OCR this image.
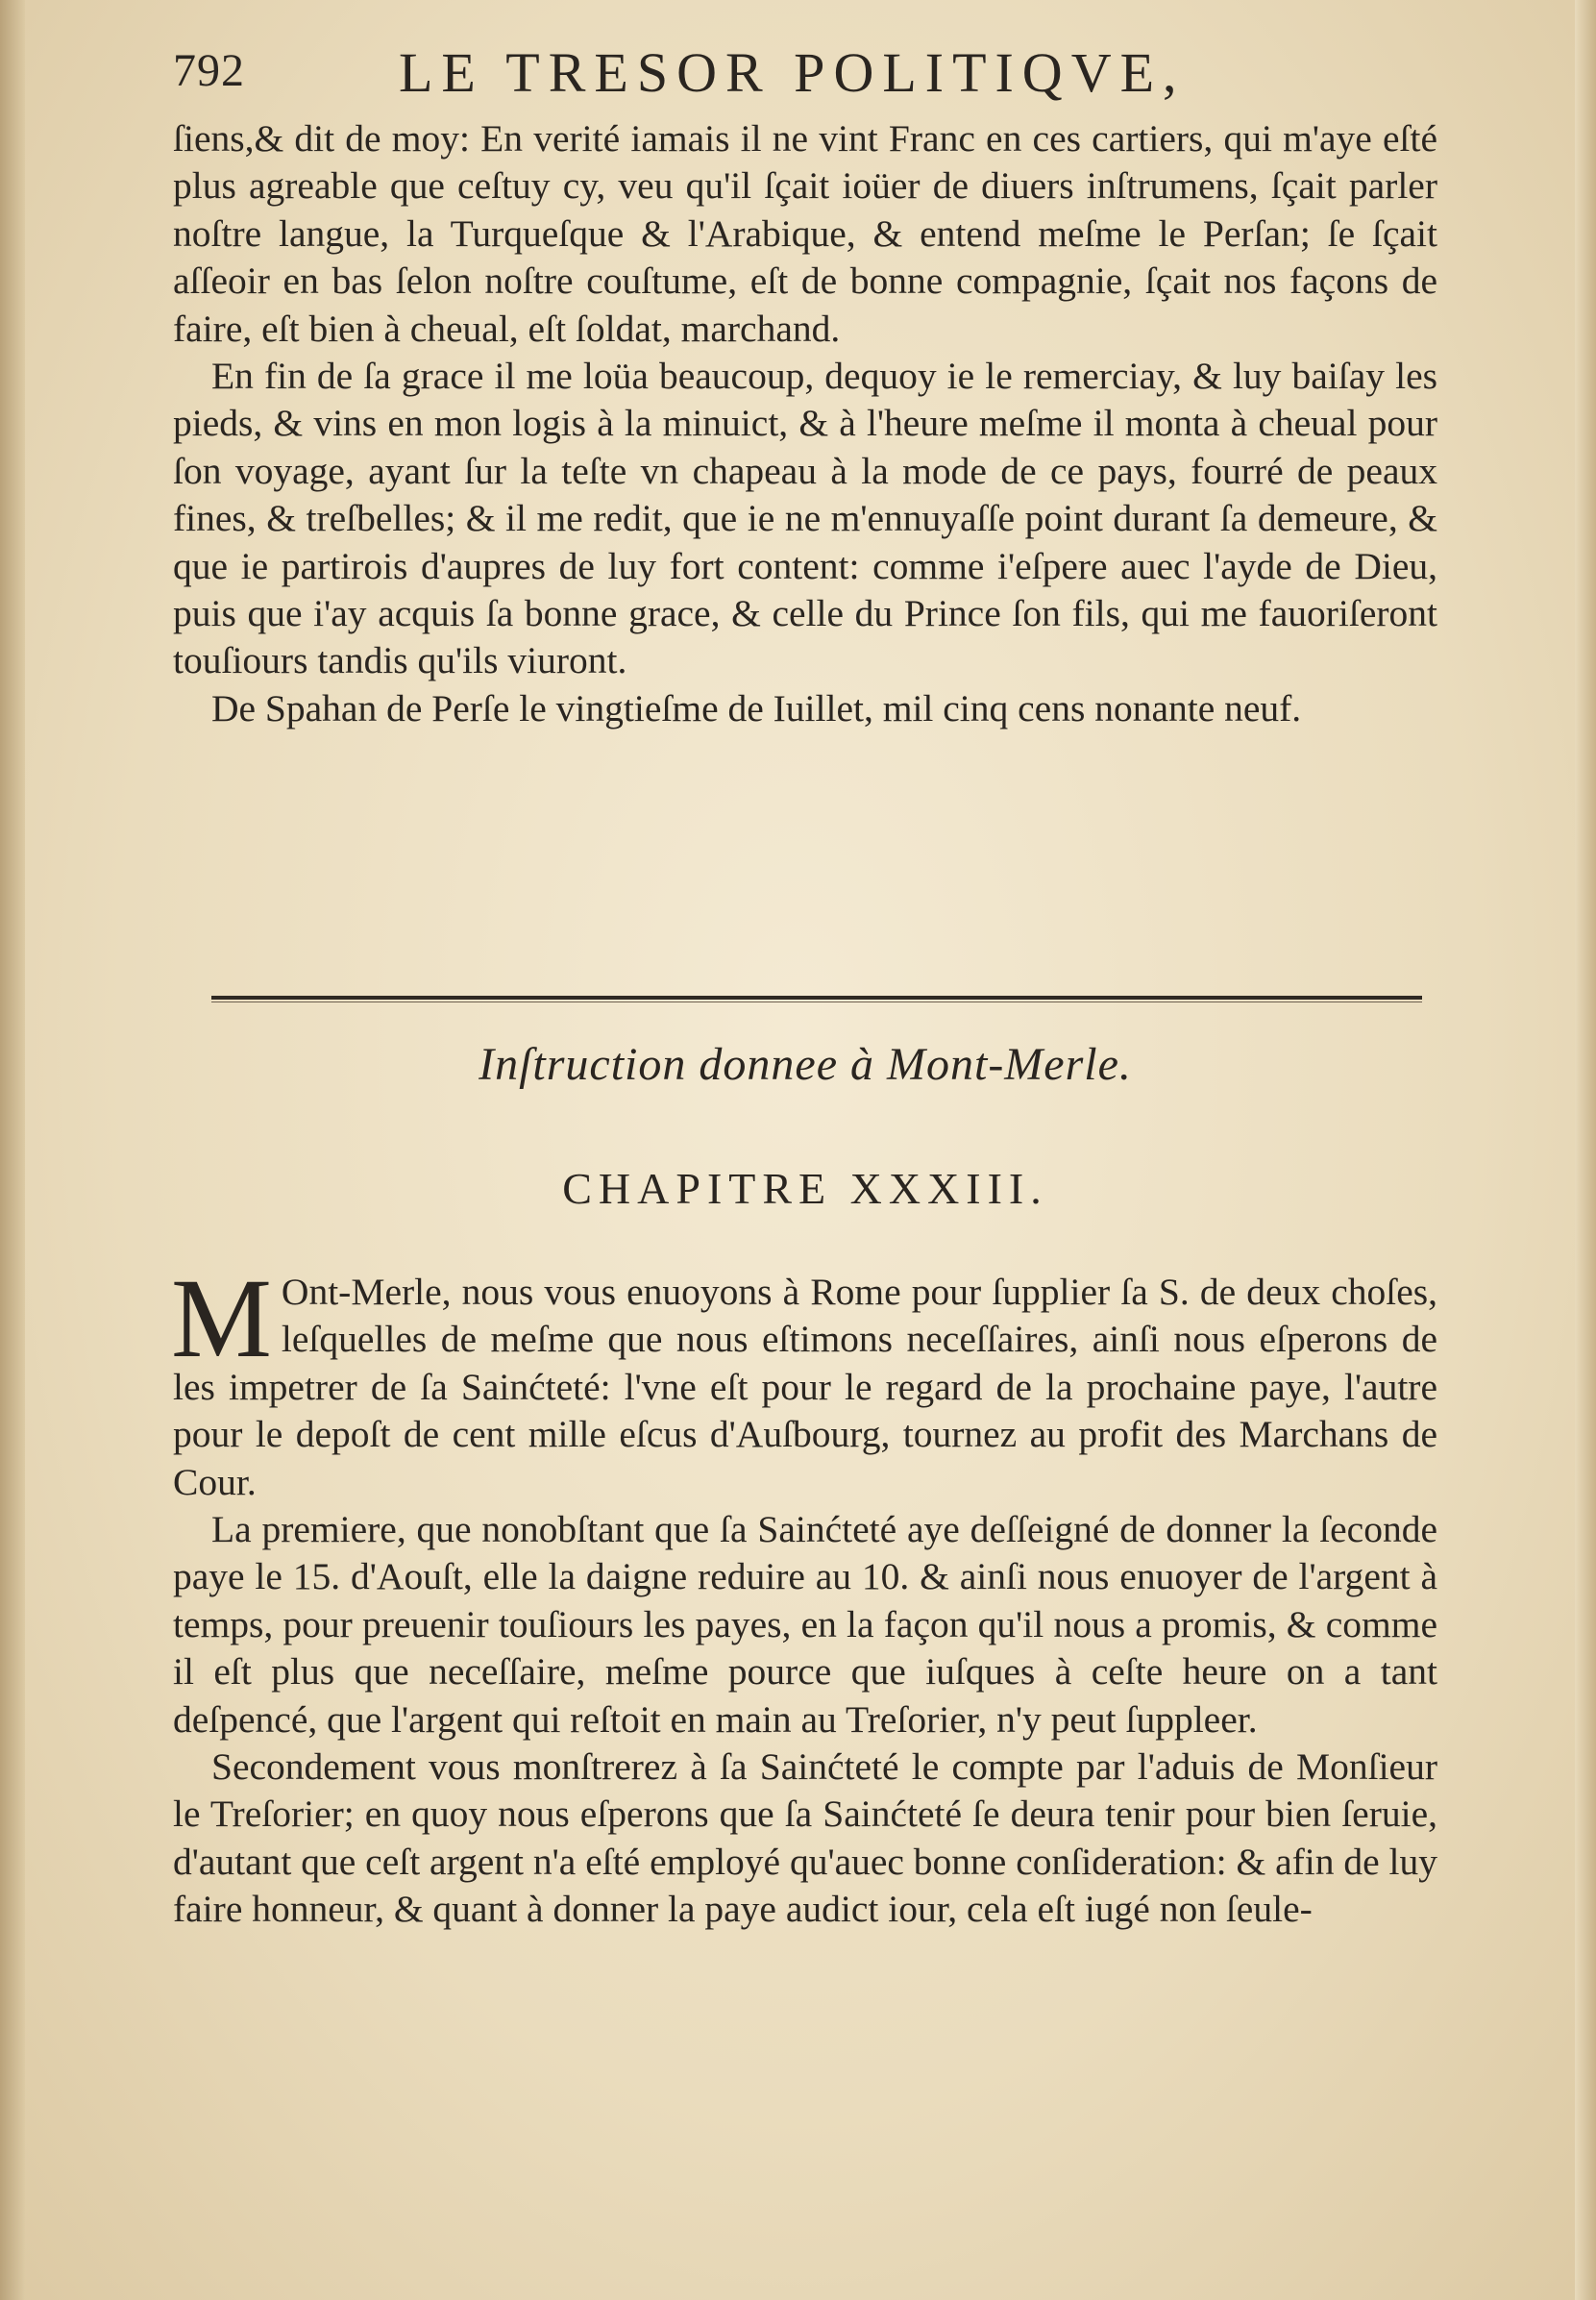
792	LE TRESOR POLITIQVE,

ſiens,& dit de moy: En verité iamais il ne vint Franc en ces cartiers, qui m'aye eſté plus agreable que ceſtuy cy, veu qu'il ſçait ioüer de diuers inſtrumens, ſçait parler noſtre langue, la Turqueſque & l'Arabique, & entend meſme le Perſan; ſe ſçait aſſeoir en bas ſelon noſtre couſtume, eſt de bonne compagnie, ſçait nos façons de faire, eſt bien à cheual, eſt ſoldat, marchand.

En fin de ſa grace il me loüa beaucoup, dequoy ie le remerciay, & luy baiſay les pieds, & vins en mon logis à la minuict, & à l'heure meſme il monta à cheual pour ſon voyage, ayant ſur la teſte vn chapeau à la mode de ce pays, fourré de peaux fines, & treſbelles; & il me redit, que ie ne m'ennuyaſſe point durant ſa demeure, & que ie partirois d'aupres de luy fort content: comme i'eſpere auec l'ayde de Dieu, puis que i'ay acquis ſa bonne grace, & celle du Prince ſon fils, qui me fauoriſeront touſiours tandis qu'ils viuront.

De Spahan de Perſe le vingtieſme de Iuillet, mil cinq cens nonante neuf.

Inſtruction donnee à Mont-Merle.
CHAPITRE XXXIII.

M Ont-Merle, nous vous enuoyons à Rome pour ſupplier ſa S. de deux choſes, leſquelles de meſme que nous eſtimons neceſſaires, ainſi nous eſperons de les impetrer de ſa Sainćteté: l'vne eſt pour le regard de la prochaine paye, l'autre pour le depoſt de cent mille eſcus d'Auſbourg, tournez au profit des Marchans de Cour.

La premiere, que nonobſtant que ſa Sainćteté aye deſſeigné de donner la ſeconde paye le 15. d'Aouſt, elle la daigne reduire au 10. & ainſi nous enuoyer de l'argent à temps, pour preuenir touſiours les payes, en la façon qu'il nous a promis, & comme il eſt plus que neceſſaire, meſme pource que iuſques à ceſte heure on a tant deſpencé, que l'argent qui reſtoit en main au Treſorier, n'y peut ſuppleer.

Secondement vous monſtrerez à ſa Sainćteté le compte par l'aduis de Monſieur le Treſorier; en quoy nous eſperons que ſa Sainćteté ſe deura tenir pour bien ſeruie, d'autant que ceſt argent n'a eſté employé qu'auec bonne conſideration: & afin de luy faire honneur, & quant à donner la paye audict iour, cela eſt iugé non ſeule-
